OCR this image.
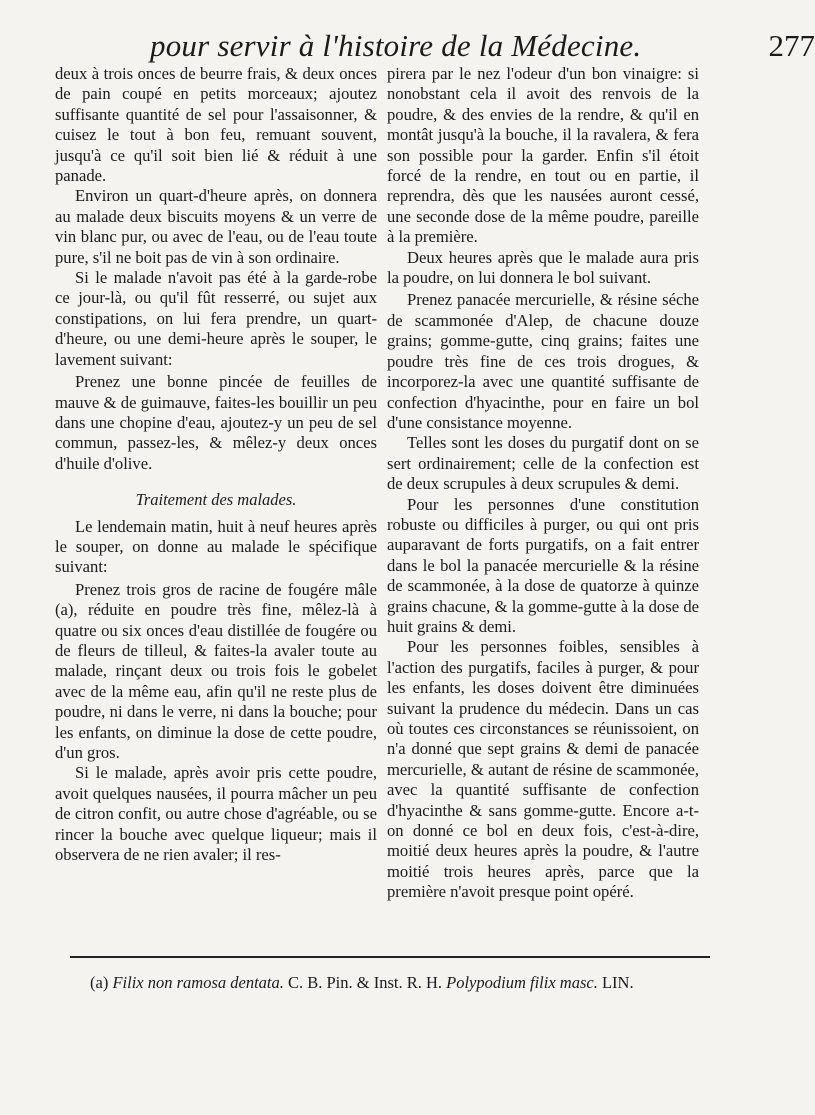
pour servir à l'histoire de la Médecine.	277

deux à trois onces de beurre frais, & deux onces de pain coupé en petits morceaux; ajoutez suffisante quantité de sel pour l'assaisonner, & cuisez le tout à bon feu, remuant souvent, jusqu'à ce qu'il soit bien lié & réduit à une panade.

Environ un quart-d'heure après, on donnera au malade deux biscuits moyens & un verre de vin blanc pur, ou avec de l'eau, ou de l'eau toute pure, s'il ne boit pas de vin à son ordinaire.

Si le malade n'avoit pas été à la garde-robe ce jour-là, ou qu'il fût resserré, ou sujet aux constipations, on lui fera prendre, un quart-d'heure, ou une demi-heure après le souper, le lavement suivant:

Prenez une bonne pincée de feuilles de mauve & de guimauve, faites-les bouillir un peu dans une chopine d'eau, ajoutez-y un peu de sel commun, passez-les, & mêlez-y deux onces d'huile d'olive.

Traitement des malades.

Le lendemain matin, huit à neuf heures après le souper, on donne au malade le spécifique suivant:

Prenez trois gros de racine de fougére mâle (a), réduite en poudre très fine, mêlez-là à quatre ou six onces d'eau distillée de fougére ou de fleurs de tilleul, & faites-la avaler toute au malade, rinçant deux ou trois fois le gobelet avec de la même eau, afin qu'il ne reste plus de poudre, ni dans le verre, ni dans la bouche; pour les enfants, on diminue la dose de cette poudre, d'un gros.

Si le malade, après avoir pris cette poudre, avoit quelques nausées, il pourra mâcher un peu de citron confit, ou autre chose d'agréable, ou se rincer la bouche avec quelque liqueur; mais il observera de ne rien avaler; il res-

pirera par le nez l'odeur d'un bon vinaigre: si nonobstant cela il avoit des renvois de la poudre, & des envies de la rendre, & qu'il en montât jusqu'à la bouche, il la ravalera, & fera son possible pour la garder. Enfin s'il étoit forcé de la rendre, en tout ou en partie, il reprendra, dès que les nausées auront cessé, une seconde dose de la même poudre, pareille à la première.

Deux heures après que le malade aura pris la poudre, on lui donnera le bol suivant.

Prenez panacée mercurielle, & résine séche de scammonée d'Alep, de chacune douze grains; gomme-gutte, cinq grains; faites une poudre très fine de ces trois drogues, & incorporez-la avec une quantité suffisante de confection d'hyacinthe, pour en faire un bol d'une consistance moyenne.

Telles sont les doses du purgatif dont on se sert ordinairement; celle de la confection est de deux scrupules à deux scrupules & demi.

Pour les personnes d'une constitution robuste ou difficiles à purger, ou qui ont pris auparavant de forts purgatifs, on a fait entrer dans le bol la panacée mercurielle & la résine de scammonée, à la dose de quatorze à quinze grains chacune, & la gomme-gutte à la dose de huit grains & demi.

Pour les personnes foibles, sensibles à l'action des purgatifs, faciles à purger, & pour les enfants, les doses doivent être diminuées suivant la prudence du médecin. Dans un cas où toutes ces circonstances se réunissoient, on n'a donné que sept grains & demi de panacée mercurielle, & autant de résine de scammonée, avec la quantité suffisante de confection d'hyacinthe & sans gomme-gutte. Encore a-t-on donné ce bol en deux fois, c'est-à-dire, moitié deux heures après la poudre, & l'autre moitié trois heures après, parce que la première n'avoit presque point opéré.

(a) Filix non ramosa dentata. C. B. Pin. & Inst. R. H. Polypodium filix masc. LIN.
